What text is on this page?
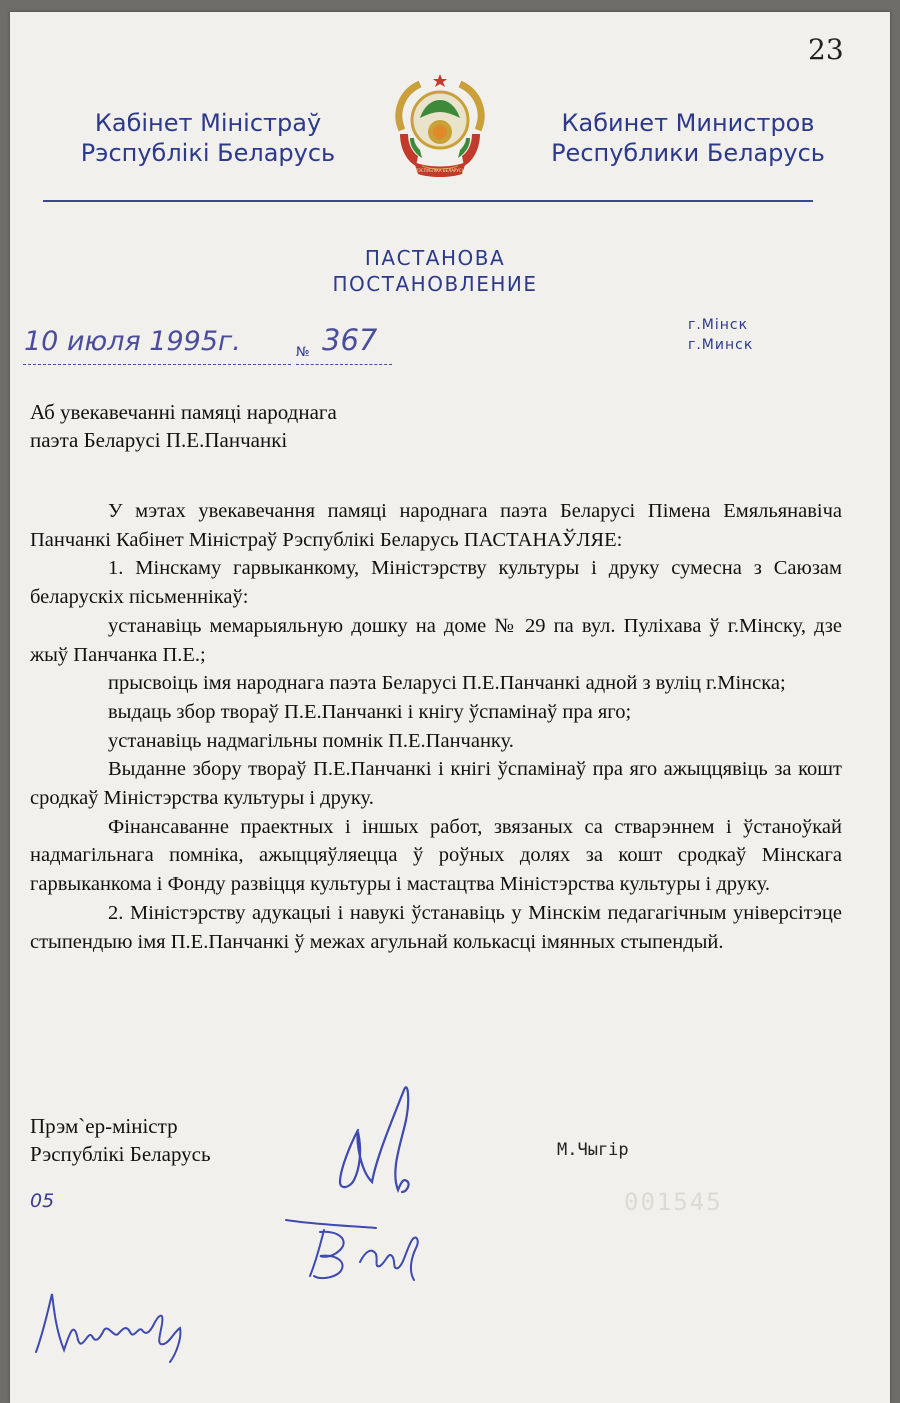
23
Кабінет Міністраў
Рэспублікі Беларусь
РЭСПУБЛІКА БЕЛАРУСЬ
Кабинет Министров
Республики Беларусь
ПАСТАНОВА
ПОСТАНОВЛЕНИЕ
10 июля 1995г.	№ 367	г.Мінск
г.Минск
Аб увекавечанні памяці народнага
паэта Беларусі П.Е.Панчанкі

У мэтах увекавечання памяці народнага паэта Беларусі Пімена Емяльянавіча Панчанкі Кабінет Міністраў Рэспублікі Беларусь ПАСТАНАЎЛЯЕ:

1. Мінскаму гарвыканкому, Міністэрству культуры і друку сумесна з Саюзам беларускіх пісьменнікаў:

устанавіць мемарыяльную дошку на доме № 29 па вул. Пуліхава ў г.Мінску, дзе жыў Панчанка П.Е.;

прысвоіць імя народнага паэта Беларусі П.Е.Панчанкі адной з вуліц г.Мінска;

выдаць збор твораў П.Е.Панчанкі і кнігу ўспамінаў пра яго;

устанавіць надмагільны помнік П.Е.Панчанку.

Выданне збору твораў П.Е.Панчанкі і кнігі ўспамінаў пра яго ажыццявіць за кошт сродкаў Міністэрства культуры і друку.

Фінансаванне праектных і іншых работ, звязаных са стварэннем і ўстаноўкай надмагільнага помніка, ажыццяўляецца ў роўных долях за кошт сродкаў Мінскага гарвыканкома і Фонду развіцця культуры і мастацтва Міністэрства культуры і друку.

2. Міністэрству адукацыі і навукі ўстанавіць у Мінскім педагагічным універсітэце стыпендыю імя П.Е.Панчанкі ў межах агульнай колькасці імянных стыпендый.

Прэм`ер-міністр
Рэспублікі Беларусь	М.Чыгір
001545
05
